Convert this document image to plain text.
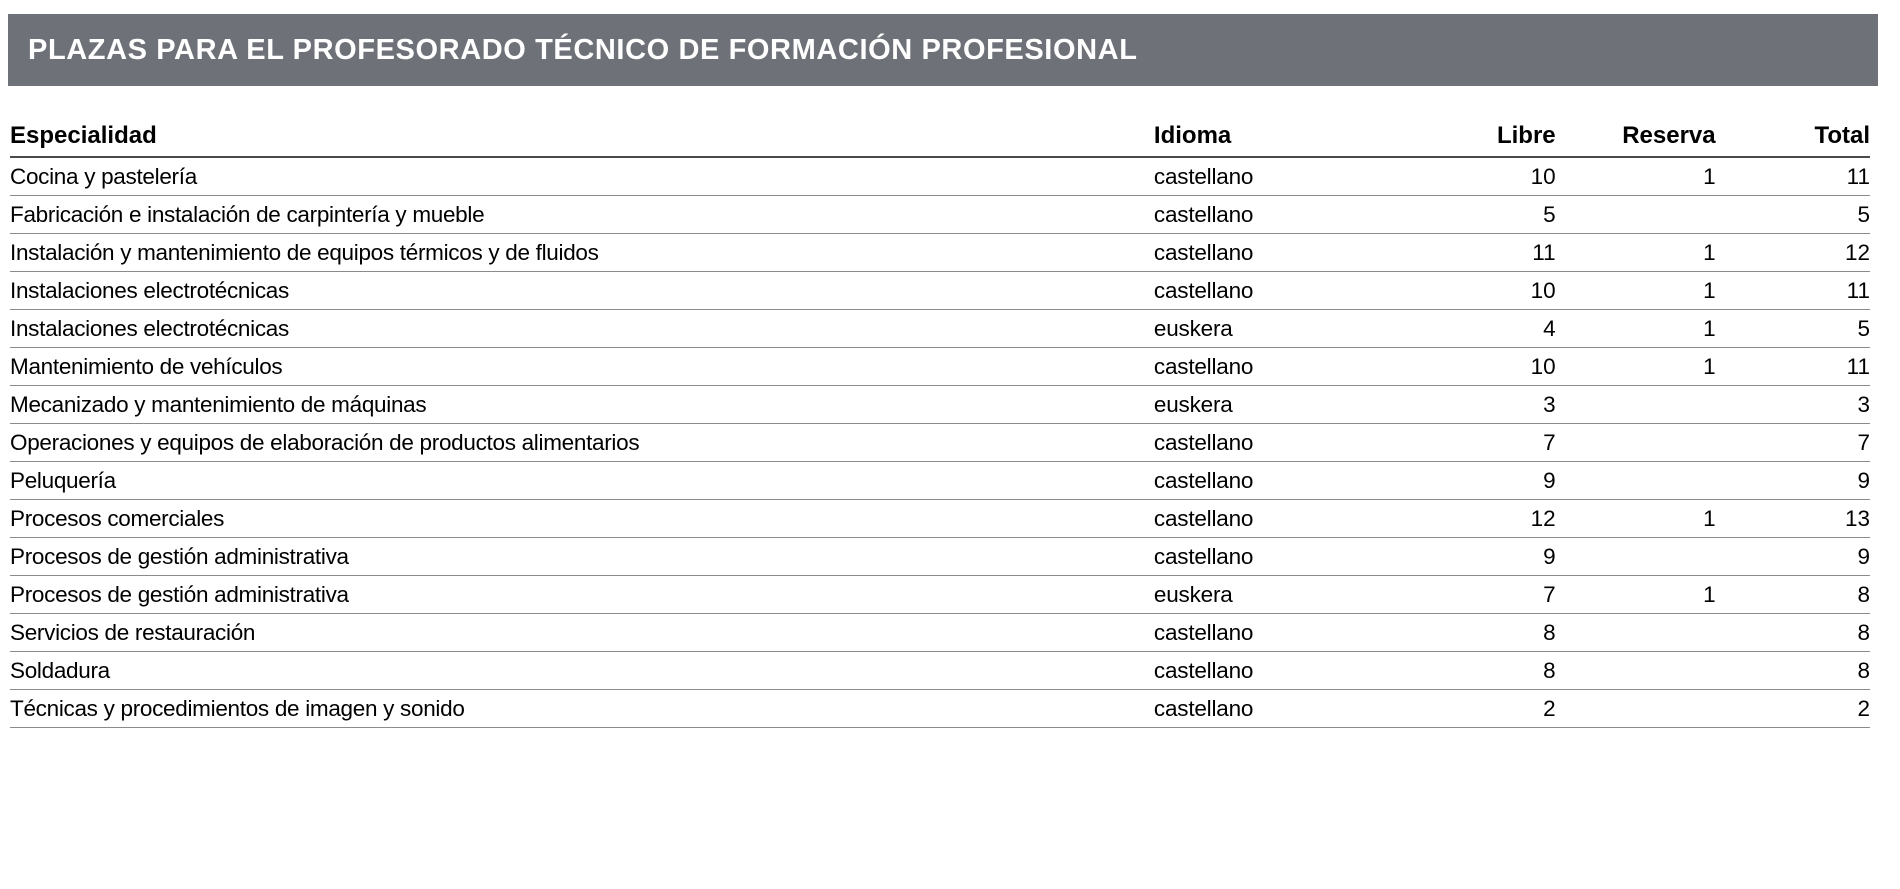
PLAZAS PARA EL PROFESORADO TÉCNICO DE FORMACIÓN PROFESIONAL
Especialidad	Idioma	Libre	Reserva	Total
Cocina y pastelería	castellano	10	1	11
Fabricación e instalación de carpintería y mueble	castellano	5		5
Instalación y mantenimiento de equipos térmicos y de fluidos	castellano	11	1	12
Instalaciones electrotécnicas	castellano	10	1	11
Instalaciones electrotécnicas	euskera	4	1	5
Mantenimiento de vehículos	castellano	10	1	11
Mecanizado y mantenimiento de máquinas	euskera	3		3
Operaciones y equipos de elaboración de productos alimentarios	castellano	7		7
Peluquería	castellano	9		9
Procesos comerciales	castellano	12	1	13
Procesos de gestión administrativa	castellano	9		9
Procesos de gestión administrativa	euskera	7	1	8
Servicios de restauración	castellano	8		8
Soldadura	castellano	8		8
Técnicas y procedimientos de imagen y sonido	castellano	2		2
